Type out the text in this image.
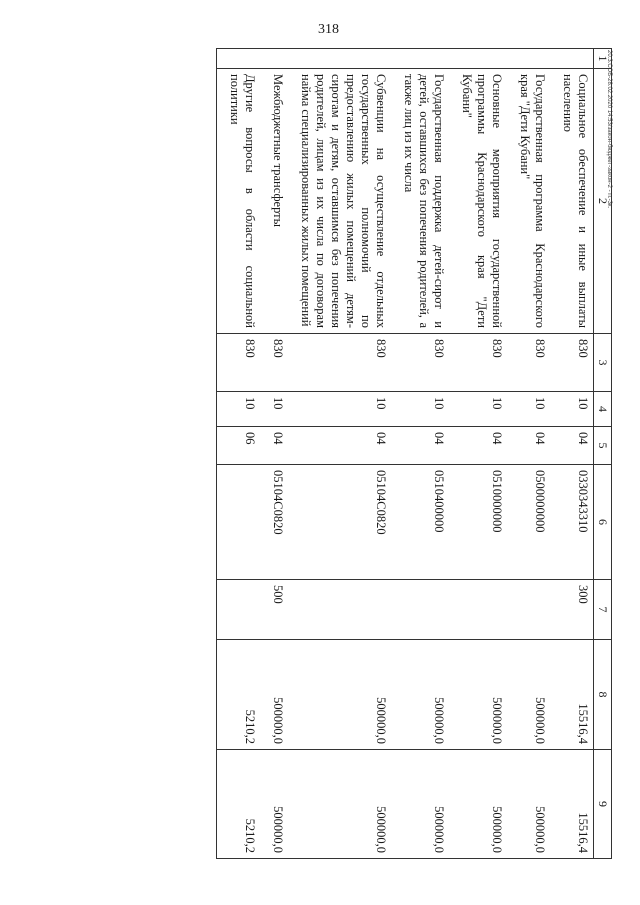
318
20.3.СОБ-28.02.2020 14:53/закон-бюджет-закон-2 - гг.-3к.
1	2	3	4	5	6	7	8	9
	Социальное обеспечение и иные выплаты населению	830	10	04	0330343310	300	15516,4	15516,4
	Государственная программа Краснодарского края "Дети Кубани"	830	10	04	0500000000		500000,0	500000,0
	Основные мероприятия государственной программы Краснодарского края "Дети Кубани"	830	10	04	0510000000		500000,0	500000,0
	Государственная поддержка детей-сирот и детей, оставшихся без попечения родителей, а также лиц из их числа	830	10	04	0510400000		500000,0	500000,0
	Субвенции на осуществление отдельных государственных полномочий по предоставлению жилых помещений детям-сиротам и детям, оставшимся без попечения родителей, лицам из их числа по договорам найма специализированных жилых помещений	830	10	04	05104С0820		500000,0	500000,0
	Межбюджетные трансферты	830	10	04	05104С0820	500	500000,0	500000,0
	Другие вопросы в области социальной политики	830	10	06			5210,2	5210,2
